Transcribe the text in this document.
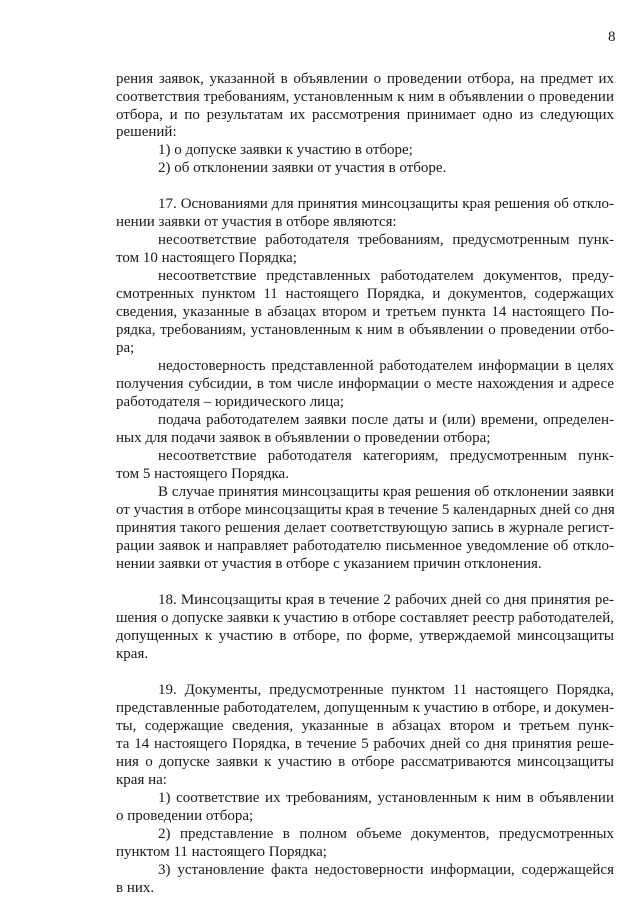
8
рения заявок, указанной в объявлении о проведении отбора, на предмет их
соответствия требованиям, установленным к ним в объявлении о проведении
отбора, и по результатам их рассмотрения принимает одно из следующих
решений:
1) о допуске заявки к участию в отборе;
2) об отклонении заявки от участия в отборе.
17. Основаниями для принятия минсоцзащиты края решения об откло-
нении заявки от участия в отборе являются:
несоответствие работодателя требованиям, предусмотренным пунк-
том 10 настоящего Порядка;
несоответствие представленных работодателем документов, преду-
смотренных пунктом 11 настоящего Порядка, и документов, содержащих
сведения, указанные в абзацах втором и третьем пункта 14 настоящего По-
рядка, требованиям, установленным к ним в объявлении о проведении отбо-
ра;
недостоверность представленной работодателем информации в целях
получения субсидии, в том числе информации о месте нахождения и адресе
работодателя – юридического лица;
подача работодателем заявки после даты и (или) времени, определен-
ных для подачи заявок в объявлении о проведении отбора;
несоответствие работодателя категориям, предусмотренным пунк-
том 5 настоящего Порядка.
В случае принятия минсоцзащиты края решения об отклонении заявки
от участия в отборе минсоцзащиты края в течение 5 календарных дней со дня
принятия такого решения делает соответствующую запись в журнале регист-
рации заявок и направляет работодателю письменное уведомление об откло-
нении заявки от участия в отборе с указанием причин отклонения.
18. Минсоцзащиты края в течение 2 рабочих дней со дня принятия ре-
шения о допуске заявки к участию в отборе составляет реестр работодателей,
допущенных к участию в отборе, по форме, утверждаемой минсоцзащиты
края.
19. Документы, предусмотренные пунктом 11 настоящего Порядка,
представленные работодателем, допущенным к участию в отборе, и докумен-
ты, содержащие сведения, указанные в абзацах втором и третьем пунк-
та 14 настоящего Порядка, в течение 5 рабочих дней со дня принятия реше-
ния о допуске заявки к участию в отборе рассматриваются минсоцзащиты
края на:
1) соответствие их требованиям, установленным к ним в объявлении
о проведении отбора;
2) представление в полном объеме документов, предусмотренных
пунктом 11 настоящего Порядка;
3) установление факта недостоверности информации, содержащейся
в них.
